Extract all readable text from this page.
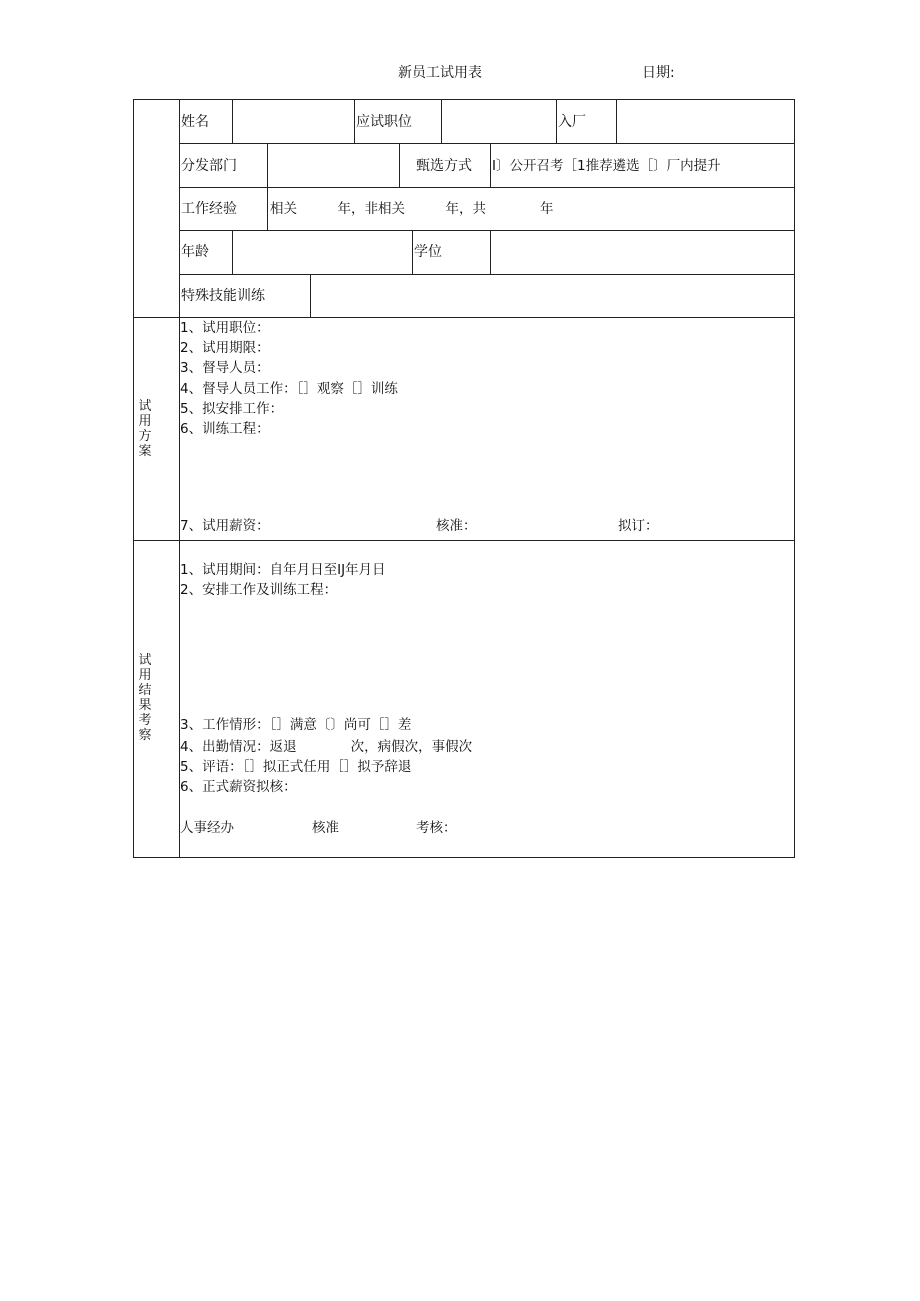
新员工试用表	日期:
姓名	应试职位	入厂
分发部门	甄选方式 I〕公开召考［1推荐遴选［〕厂内提升
工作经验 相关　　　年，非相关　　　年，共　　　　年
年龄	学位
特殊技能训练
试
用
方
案
1、试用职位：
2、试用期限：
3、督导人员：
4、督导人员工作：［］观察［］训练
5、拟安排工作：
6、训练工程：
7、试用薪资：	核准：	拟订：
试
用
结
果
考
察
1、试用期间：自年月日至IJ年月日
2、安排工作及训练工程：
3、工作情形：［］满意〔〕尚可［］差
4、出勤情况：返退　　　　次，病假次，事假次
5、评语：［］拟正式任用［］拟予辞退
6、正式薪资拟核：
人事经办	核准	考核：
